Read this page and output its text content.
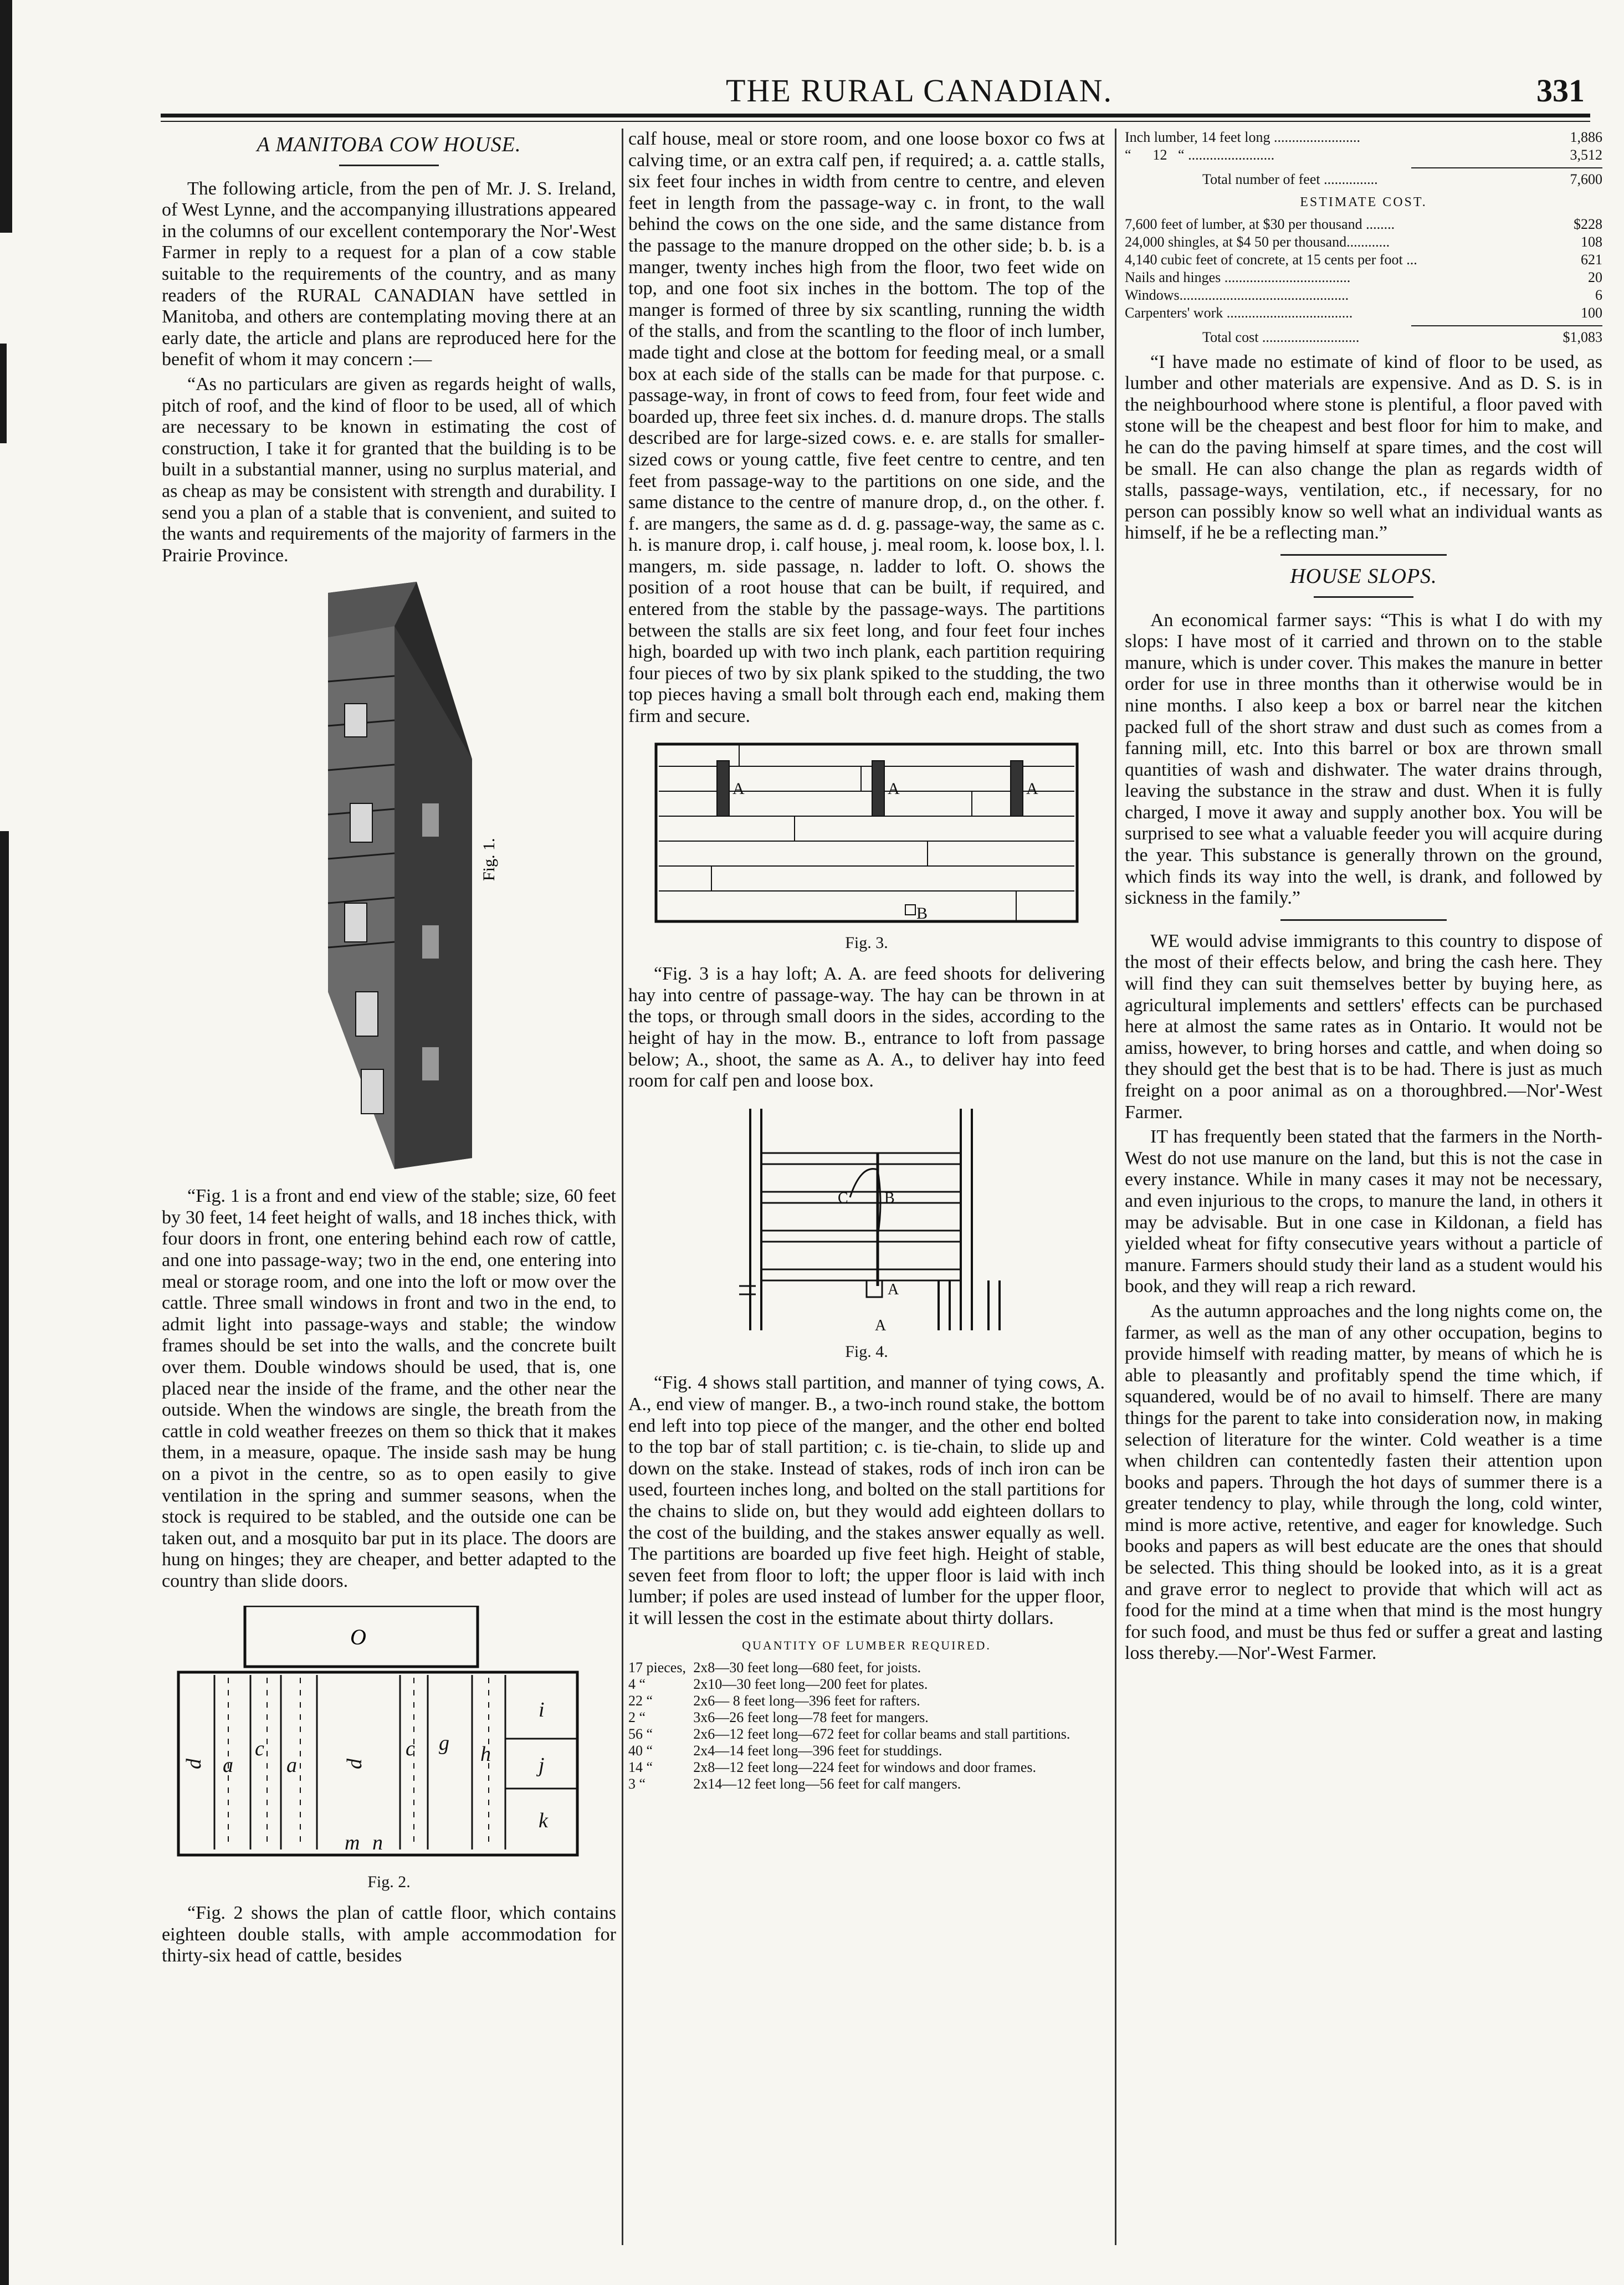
THE RURAL CANADIAN.	331
A MANITOBA COW HOUSE.

The following article, from the pen of Mr. J. S. Ireland, of West Lynne, and the accompanying illustrations appeared in the columns of our excellent contemporary the Nor'-West Farmer in reply to a request for a plan of a cow stable suitable to the requirements of the country, and as many readers of the RURAL CANADIAN have settled in Manitoba, and others are contemplating moving there at an early date, the article and plans are reproduced here for the benefit of whom it may concern :—

“As no particulars are given as regards height of walls, pitch of roof, and the kind of floor to be used, all of which are necessary to be known in estimating the cost of construction, I take it for granted that the building is to be built in a substantial manner, using no surplus material, and as cheap as may be consistent with strength and durability. I send you a plan of a stable that is convenient, and suited to the wants and requirements of the majority of farmers in the Prairie Province.

Fig. 1.

“Fig. 1 is a front and end view of the stable; size, 60 feet by 30 feet, 14 feet height of walls, and 18 inches thick, with four doors in front, one entering behind each row of cattle, and one into passage-way; two in the end, one entering into meal or storage room, and one into the loft or mow over the cattle. Three small windows in front and two in the end, to admit light into passage-ways and stable; the window frames should be set into the walls, and the concrete built over them. Double windows should be used, that is, one placed near the inside of the frame, and the other near the outside. When the windows are single, the breath from the cattle in cold weather freezes on them so thick that it makes them, in a measure, opaque. The inside sash may be hung on a pivot in the centre, so as to open easily to give ventilation in the spring and summer seasons, when the stock is required to be stabled, and the outside one can be taken out, and a mosquito bar put in its place. The doors are hung on hinges; they are cheaper, and better adapted to the country than slide doors.

O
d a
c
a d
c g h
i
j
k
m n
Fig. 2.

“Fig. 2 shows the plan of cattle floor, which contains eighteen double stalls, with ample accommodation for thirty-six head of cattle, besides

calf house, meal or store room, and one loose boxor co fws at calving time, or an extra calf pen, if required; a. a. cattle stalls, six feet four inches in width from centre to centre, and eleven feet in length from the passage-way c. in front, to the wall behind the cows on the one side, and the same distance from the passage to the manure dropped on the other side; b. b. is a manger, twenty inches high from the floor, two feet wide on top, and one foot six inches in the bottom. The top of the manger is formed of three by six scantling, running the width of the stalls, and from the scantling to the floor of inch lumber, made tight and close at the bottom for feeding meal, or a small box at each side of the stalls can be made for that purpose. c. passage-way, in front of cows to feed from, four feet wide and boarded up, three feet six inches. d. d. manure drops. The stalls described are for large-sized cows. e. e. are stalls for smaller-sized cows or young cattle, five feet centre to centre, and ten feet from passage-way to the partitions on one side, and the same distance to the centre of manure drop, d., on the other. f. f. are mangers, the same as d. d. g. passage-way, the same as c. h. is manure drop, i. calf house, j. meal room, k. loose box, l. l. mangers, m. side passage, n. ladder to loft. O. shows the position of a root house that can be built, if required, and entered from the stable by the passage-ways. The partitions between the stalls are six feet long, and four feet four inches high, boarded up with two inch plank, each partition requiring four pieces of two by six plank spiked to the studding, the two top pieces having a small bolt through each end, making them firm and secure.

A	A	A
B
Fig. 3.

“Fig. 3 is a hay loft; A. A. are feed shoots for delivering hay into centre of passage-way. The hay can be thrown in at the tops, or through small doors in the sides, according to the height of hay in the mow. B., entrance to loft from passage below; A., shoot, the same as A. A., to deliver hay into feed room for calf pen and loose box.

C B
A
A
Fig. 4.

“Fig. 4 shows stall partition, and manner of tying cows, A. A., end view of manger. B., a two-inch round stake, the bottom end left into top piece of the manger, and the other end bolted to the top bar of stall partition; c. is tie-chain, to slide up and down on the stake. Instead of stakes, rods of inch iron can be used, fourteen inches long, and bolted on the stall partitions for the chains to slide on, but they would add eighteen dollars to the cost of the building, and the stakes answer equally as well. The partitions are boarded up five feet high. Height of stable, seven feet from floor to loft; the upper floor is laid with inch lumber; if poles are used instead of lumber for the upper floor, it will lessen the cost in the estimate about thirty dollars.

QUANTITY OF LUMBER REQUIRED.
17 pieces,	2x8—30 feet long—680 feet, for joists.
4 “	2x10—30 feet long—200 feet for plates.
22 “	2x6— 8 feet long—396 feet for rafters.
2 “	3x6—26 feet long—78 feet for mangers.
56 “	2x6—12 feet long—672 feet for collar beams and stall partitions.
40 “	2x4—14 feet long—396 feet for studdings.
14 “	2x8—12 feet long—224 feet for windows and door frames.
3 “	2x14—12 feet long—56 feet for calf mangers.
Inch lumber, 14 feet long ........................	1,886
“      12   “ ........................	3,512
Total number of feet ...............	7,600
ESTIMATE COST.
7,600 feet of lumber, at $30 per thousand ........	$228
24,000 shingles, at $4 50 per thousand............	108
4,140 cubic feet of concrete, at 15 cents per foot ...	621
Nails and hinges ...................................	20
Windows...............................................	6
Carpenters' work ...................................	100
Total cost ...........................	$1,083

“I have made no estimate of kind of floor to be used, as lumber and other materials are expensive. And as D. S. is in the neighbourhood where stone is plentiful, a floor paved with stone will be the cheapest and best floor for him to make, and he can do the paving himself at spare times, and the cost will be small. He can also change the plan as regards width of stalls, passage-ways, ventilation, etc., if necessary, for no person can possibly know so well what an individual wants as himself, if he be a reflecting man.”

HOUSE SLOPS.

An economical farmer says: “This is what I do with my slops: I have most of it carried and thrown on to the stable manure, which is under cover. This makes the manure in better order for use in three months than it otherwise would be in nine months. I also keep a box or barrel near the kitchen packed full of the short straw and dust such as comes from a fanning mill, etc. Into this barrel or box are thrown small quantities of wash and dishwater. The water drains through, leaving the substance in the straw and dust. When it is fully charged, I move it away and supply another box. You will be surprised to see what a valuable feeder you will acquire during the year. This substance is generally thrown on the ground, which finds its way into the well, is drank, and followed by sickness in the family.”

WE would advise immigrants to this country to dispose of the most of their effects below, and bring the cash here. They will find they can suit themselves better by buying here, as agricultural implements and settlers' effects can be purchased here at almost the same rates as in Ontario. It would not be amiss, however, to bring horses and cattle, and when doing so they should get the best that is to be had. There is just as much freight on a poor animal as on a thoroughbred.—Nor'-West Farmer.

IT has frequently been stated that the farmers in the North-West do not use manure on the land, but this is not the case in every instance. While in many cases it may not be necessary, and even injurious to the crops, to manure the land, in others it may be advisable. But in one case in Kildonan, a field has yielded wheat for fifty consecutive years without a particle of manure. Farmers should study their land as a student would his book, and they will reap a rich reward.

As the autumn approaches and the long nights come on, the farmer, as well as the man of any other occupation, begins to provide himself with reading matter, by means of which he is able to pleasantly and profitably spend the time which, if squandered, would be of no avail to himself. There are many things for the parent to take into consideration now, in making selection of literature for the winter. Cold weather is a time when children can contentedly fasten their attention upon books and papers. Through the hot days of summer there is a greater tendency to play, while through the long, cold winter, mind is more active, retentive, and eager for knowledge. Such books and papers as will best educate are the ones that should be selected. This thing should be looked into, as it is a great and grave error to neglect to provide that which will act as food for the mind at a time when that mind is the most hungry for such food, and must be thus fed or suffer a great and lasting loss thereby.—Nor'-West Farmer.
